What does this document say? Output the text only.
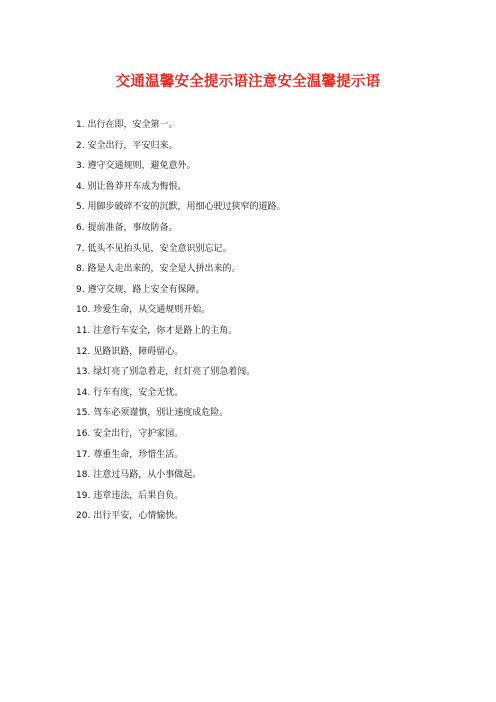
交通温馨安全提示语注意安全温馨提示语
1. 出行在即，安全第一。
2. 安全出行，平安归来。
3. 遵守交通规则，避免意外。
4. 别让鲁莽开车成为悔恨。
5. 用脚步破碎不安的沉默，用细心驶过狭窄的道路。
6. 提前准备，事故防备。
7. 低头不见抬头见，安全意识别忘记。
8. 路是人走出来的，安全是人拼出来的。
9. 遵守交规，路上安全有保障。
10. 珍爱生命，从交通规则开始。
11. 注意行车安全，你才是路上的主角。
12. 见路识路，障碍留心。
13. 绿灯亮了别急着走，红灯亮了别急着闯。
14. 行车有度，安全无忧。
15. 驾车必须谨慎，别让速度成危险。
16. 安全出行，守护家园。
17. 尊重生命，珍惜生活。
18. 注意过马路，从小事做起。
19. 违章违法，后果自负。
20. 出行平安，心情愉快。
